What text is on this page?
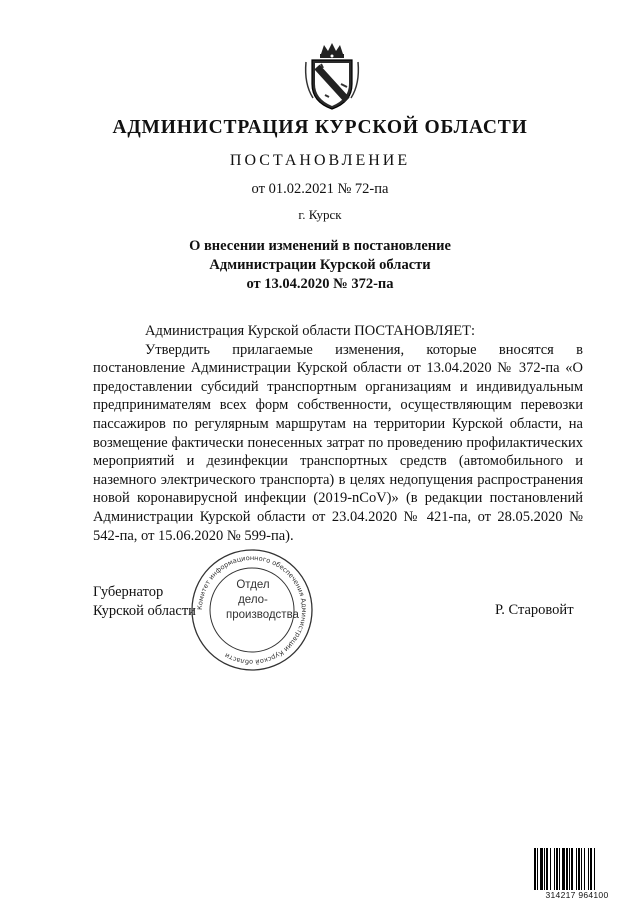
АДМИНИСТРАЦИЯ КУРСКОЙ ОБЛАСТИ
ПОСТАНОВЛЕНИЕ
от 01.02.2021 № 72-па
г. Курск
О внесении изменений в постановление
Администрации Курской области
от 13.04.2020 № 372-па

Администрация Курской области ПОСТАНОВЛЯЕТ:

Утвердить прилагаемые изменения, которые вносятся в постановление Администрации Курской области от 13.04.2020 № 372-па «О предоставлении субсидий транспортным организациям и индивидуальным предпринимателям всех форм собственности, осуществляющим перевозки пассажиров по регулярным маршрутам на территории Курской области, на возмещение фактически понесенных затрат по проведению профилактических мероприятий и дезинфекции транспортных средств (автомобильного и наземного электрического транспорта) в целях недопущения распространения новой коронавирусной инфекции (2019-nCoV)» (в редакции постановлений Администрации Курской области от 23.04.2020 № 421-па, от 28.05.2020 № 542-па, от 15.06.2020 № 599-па).

Губернатор
Курской области	Р. Старовойт
Комитет информационного обеспечения Администрации Курской области
Отдел
дело-
производства
314217 964100
